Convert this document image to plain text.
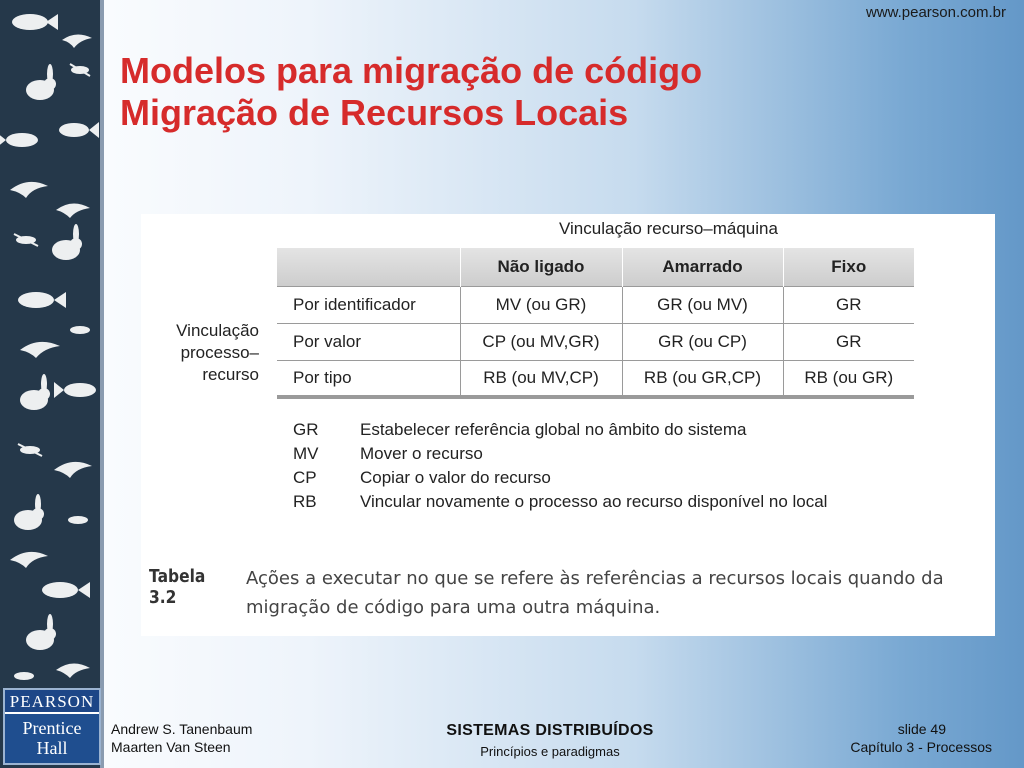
www.pearson.com.br
Modelos para migração de código
Migração de Recursos Locais
Vinculação recurso–máquina
Vinculação
processo–
recurso
	Não ligado	Amarrado	Fixo
Por identificador	MV (ou GR)	GR (ou MV)	GR
Por valor	CP (ou MV,GR)	GR (ou CP)	GR
Por tipo	RB (ou MV,CP)	RB (ou GR,CP)	RB (ou GR)
GR	Estabelecer referência global no âmbito do sistema
MV	Mover o recurso
CP	Copiar o valor do recurso
RB	Vincular novamente o processo ao recurso disponível no local
Tabela 3.2
Ações a executar no que se refere às referências a recursos locais quando da migração de código para uma outra máquina.
PEARSON
Prentice
Hall
Andrew S. Tanenbaum
Maarten Van Steen
SISTEMAS DISTRIBUÍDOS
Princípios e paradigmas
slide 49
Capítulo 3 - Processos
